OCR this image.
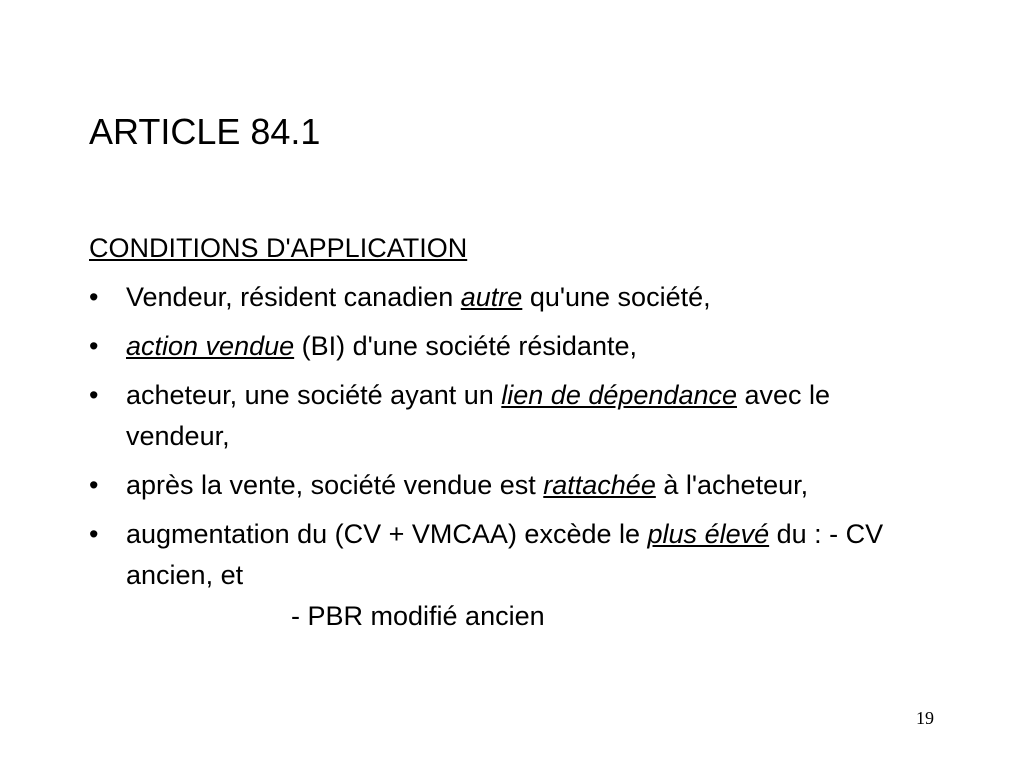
ARTICLE 84.1
CONDITIONS D'APPLICATION
• Vendeur, résident canadien autre qu'une société,
• action vendue (BI) d'une société résidante,
• acheteur, une société ayant un lien de dépendance avec le vendeur,
• après la vente, société vendue est rattachée à l'acheteur,
• augmentation du (CV + VMCAA) excède le plus élevé du : - CV ancien, et
- PBR modifié ancien
19
